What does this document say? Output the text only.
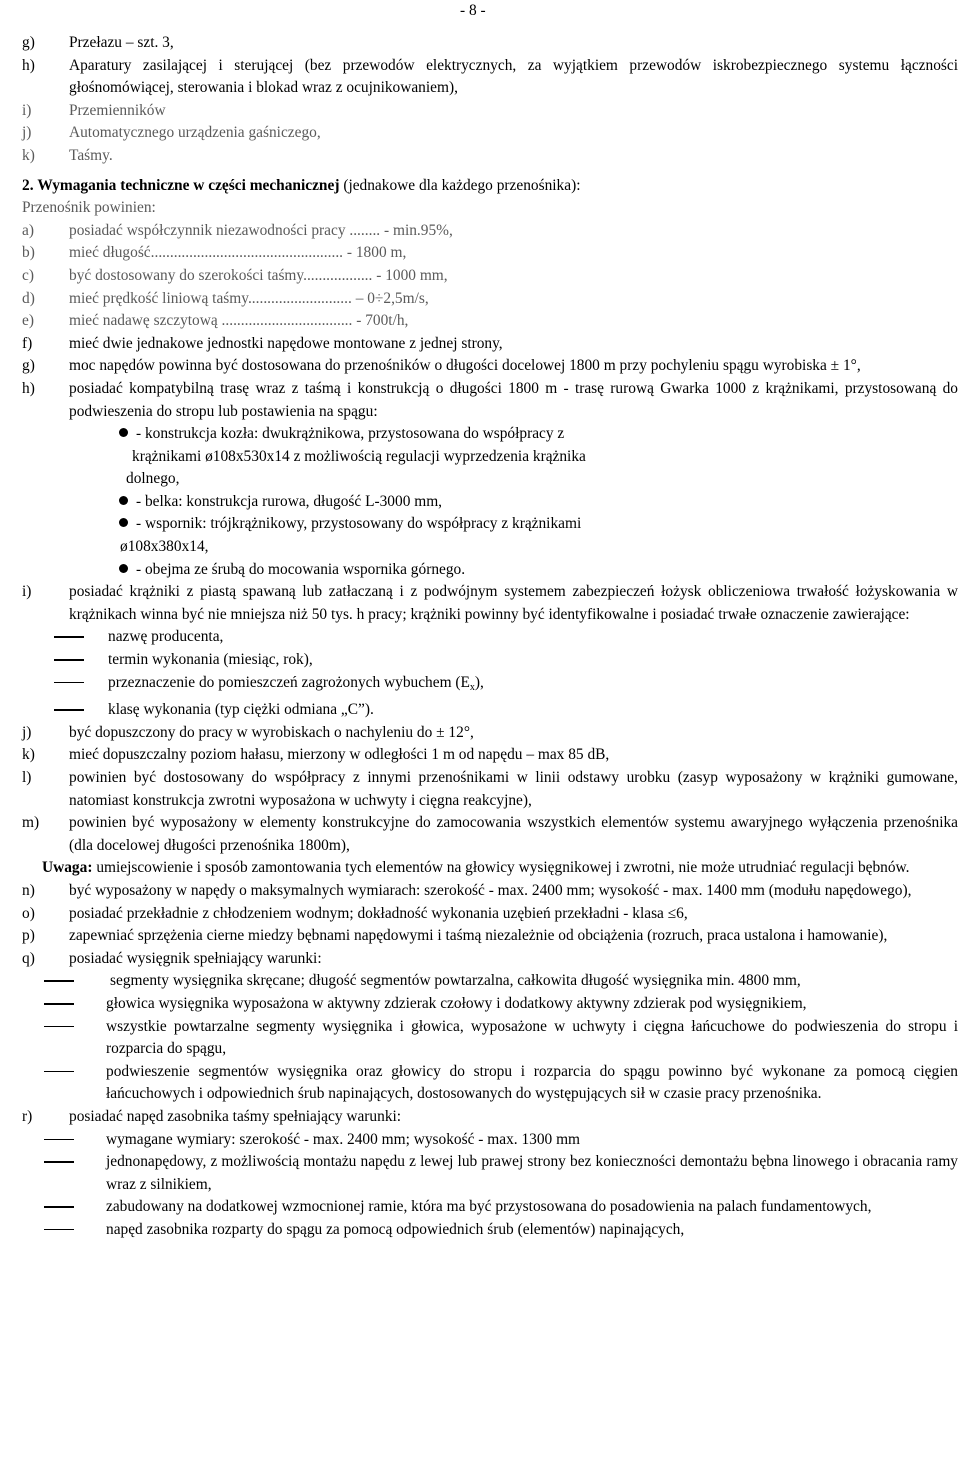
- 8 -
g) Przełazu – szt. 3,
h) Aparatury zasilającej i sterującej (bez przewodów elektrycznych, za wyjątkiem przewodów iskrobezpiecznego systemu łączności głośnomówiącej, sterowania i blokad wraz z ocujnikowaniem),
i) Przemienników
j) Automatycznego urządzenia gaśniczego,
k) Taśmy.
2. Wymagania techniczne w części mechanicznej (jednakowe dla każdego przenośnika):
Przenośnik powinien:
a) posiadać współczynnik niezawodności pracy ........ - min.95%,
b) mieć długość.................................................. - 1800 m,
c) być dostosowany do szerokości taśmy.................. - 1000 mm,
d) mieć prędkość liniową taśmy........................... – 0÷2,5m/s,
e) mieć nadawę szczytową .................................. - 700t/h,
f) mieć dwie jednakowe jednostki napędowe montowane z jednej strony,
g) moc napędów powinna być dostosowana do przenośników o długości docelowej 1800 m przy pochyleniu spągu wyrobiska ± 1°,
h) posiadać kompatybilną trasę wraz z taśmą i konstrukcją o długości 1800 m - trasę rurową Gwarka 1000 z krążnikami, przystosowaną do podwieszenia do stropu lub postawienia na spągu:
- konstrukcja kozła: dwukrążnikowa, przystosowana do współpracy z
krążnikami ø108x530x14 z możliwością regulacji wyprzedzenia krążnika
dolnego,
- belka: konstrukcja rurowa, długość L-3000 mm,
- wspornik: trójkrążnikowy, przystosowany do współpracy z krążnikami
ø108x380x14,
- obejma ze śrubą do mocowania wspornika górnego.
i) posiadać krążniki z piastą spawaną lub zatłaczaną i z podwójnym systemem zabezpieczeń łożysk obliczeniowa trwałość łożyskowania w krążnikach winna być nie mniejsza niż 50 tys. h pracy; krążniki powinny być identyfikowalne i posiadać trwałe oznaczenie zawierające:
nazwę producenta,
termin wykonania (miesiąc, rok),
przeznaczenie do pomieszczeń zagrożonych wybuchem $(E_x)$,
klasę wykonania (typ ciężki odmiana „C”).
j) być dopuszczony do pracy w wyrobiskach o nachyleniu do ± 12°,
k) mieć dopuszczalny poziom hałasu, mierzony w odległości 1 m od napędu – max 85 dB,
l) powinien być dostosowany do współpracy z innymi przenośnikami w linii odstawy urobku (zasyp wyposażony w krążniki gumowane, natomiast konstrukcja zwrotni wyposażona w uchwyty i cięgna reakcyjne),
m) powinien być wyposażony w elementy konstrukcyjne do zamocowania wszystkich elementów systemu awaryjnego wyłączenia przenośnika (dla docelowej długości przenośnika 1800m),
Uwaga: umiejscowienie i sposób zamontowania tych elementów na głowicy wysięgnikowej i zwrotni, nie może utrudniać regulacji bębnów.
n) być wyposażony w napędy o maksymalnych wymiarach: szerokość - max. 2400 mm; wysokość - max. 1400 mm (modułu napędowego),
o) posiadać przekładnie z chłodzeniem wodnym; dokładność wykonania uzębień przekładni - klasa ≤6,
p) zapewniać sprzężenia cierne miedzy bębnami napędowymi i taśmą niezależnie od obciążenia (rozruch, praca ustalona i hamowanie),
q) posiadać wysięgnik spełniający warunki:
segmenty wysięgnika skręcane; długość segmentów powtarzalna, całkowita długość wysięgnika min. 4800 mm,
głowica wysięgnika wyposażona w aktywny zdzierak czołowy i dodatkowy aktywny zdzierak pod wysięgnikiem,
wszystkie powtarzalne segmenty wysięgnika i głowica, wyposażone w uchwyty i cięgna łańcuchowe do podwieszenia do stropu i rozparcia do spągu,
podwieszenie segmentów wysięgnika oraz głowicy do stropu i rozparcia do spągu powinno być wykonane za pomocą cięgien łańcuchowych i odpowiednich śrub napinających, dostosowanych do występujących sił w czasie pracy przenośnika.
r) posiadać napęd zasobnika taśmy spełniający warunki:
wymagane wymiary: szerokość - max. 2400 mm; wysokość - max. 1300 mm
jednonapędowy, z możliwością montażu napędu z lewej lub prawej strony bez konieczności demontażu bębna linowego i obracania ramy wraz z silnikiem,
zabudowany na dodatkowej wzmocnionej ramie, która ma być przystosowana do posadowienia na palach fundamentowych,
napęd zasobnika rozparty do spągu za pomocą odpowiednich śrub (elementów) napinających,
